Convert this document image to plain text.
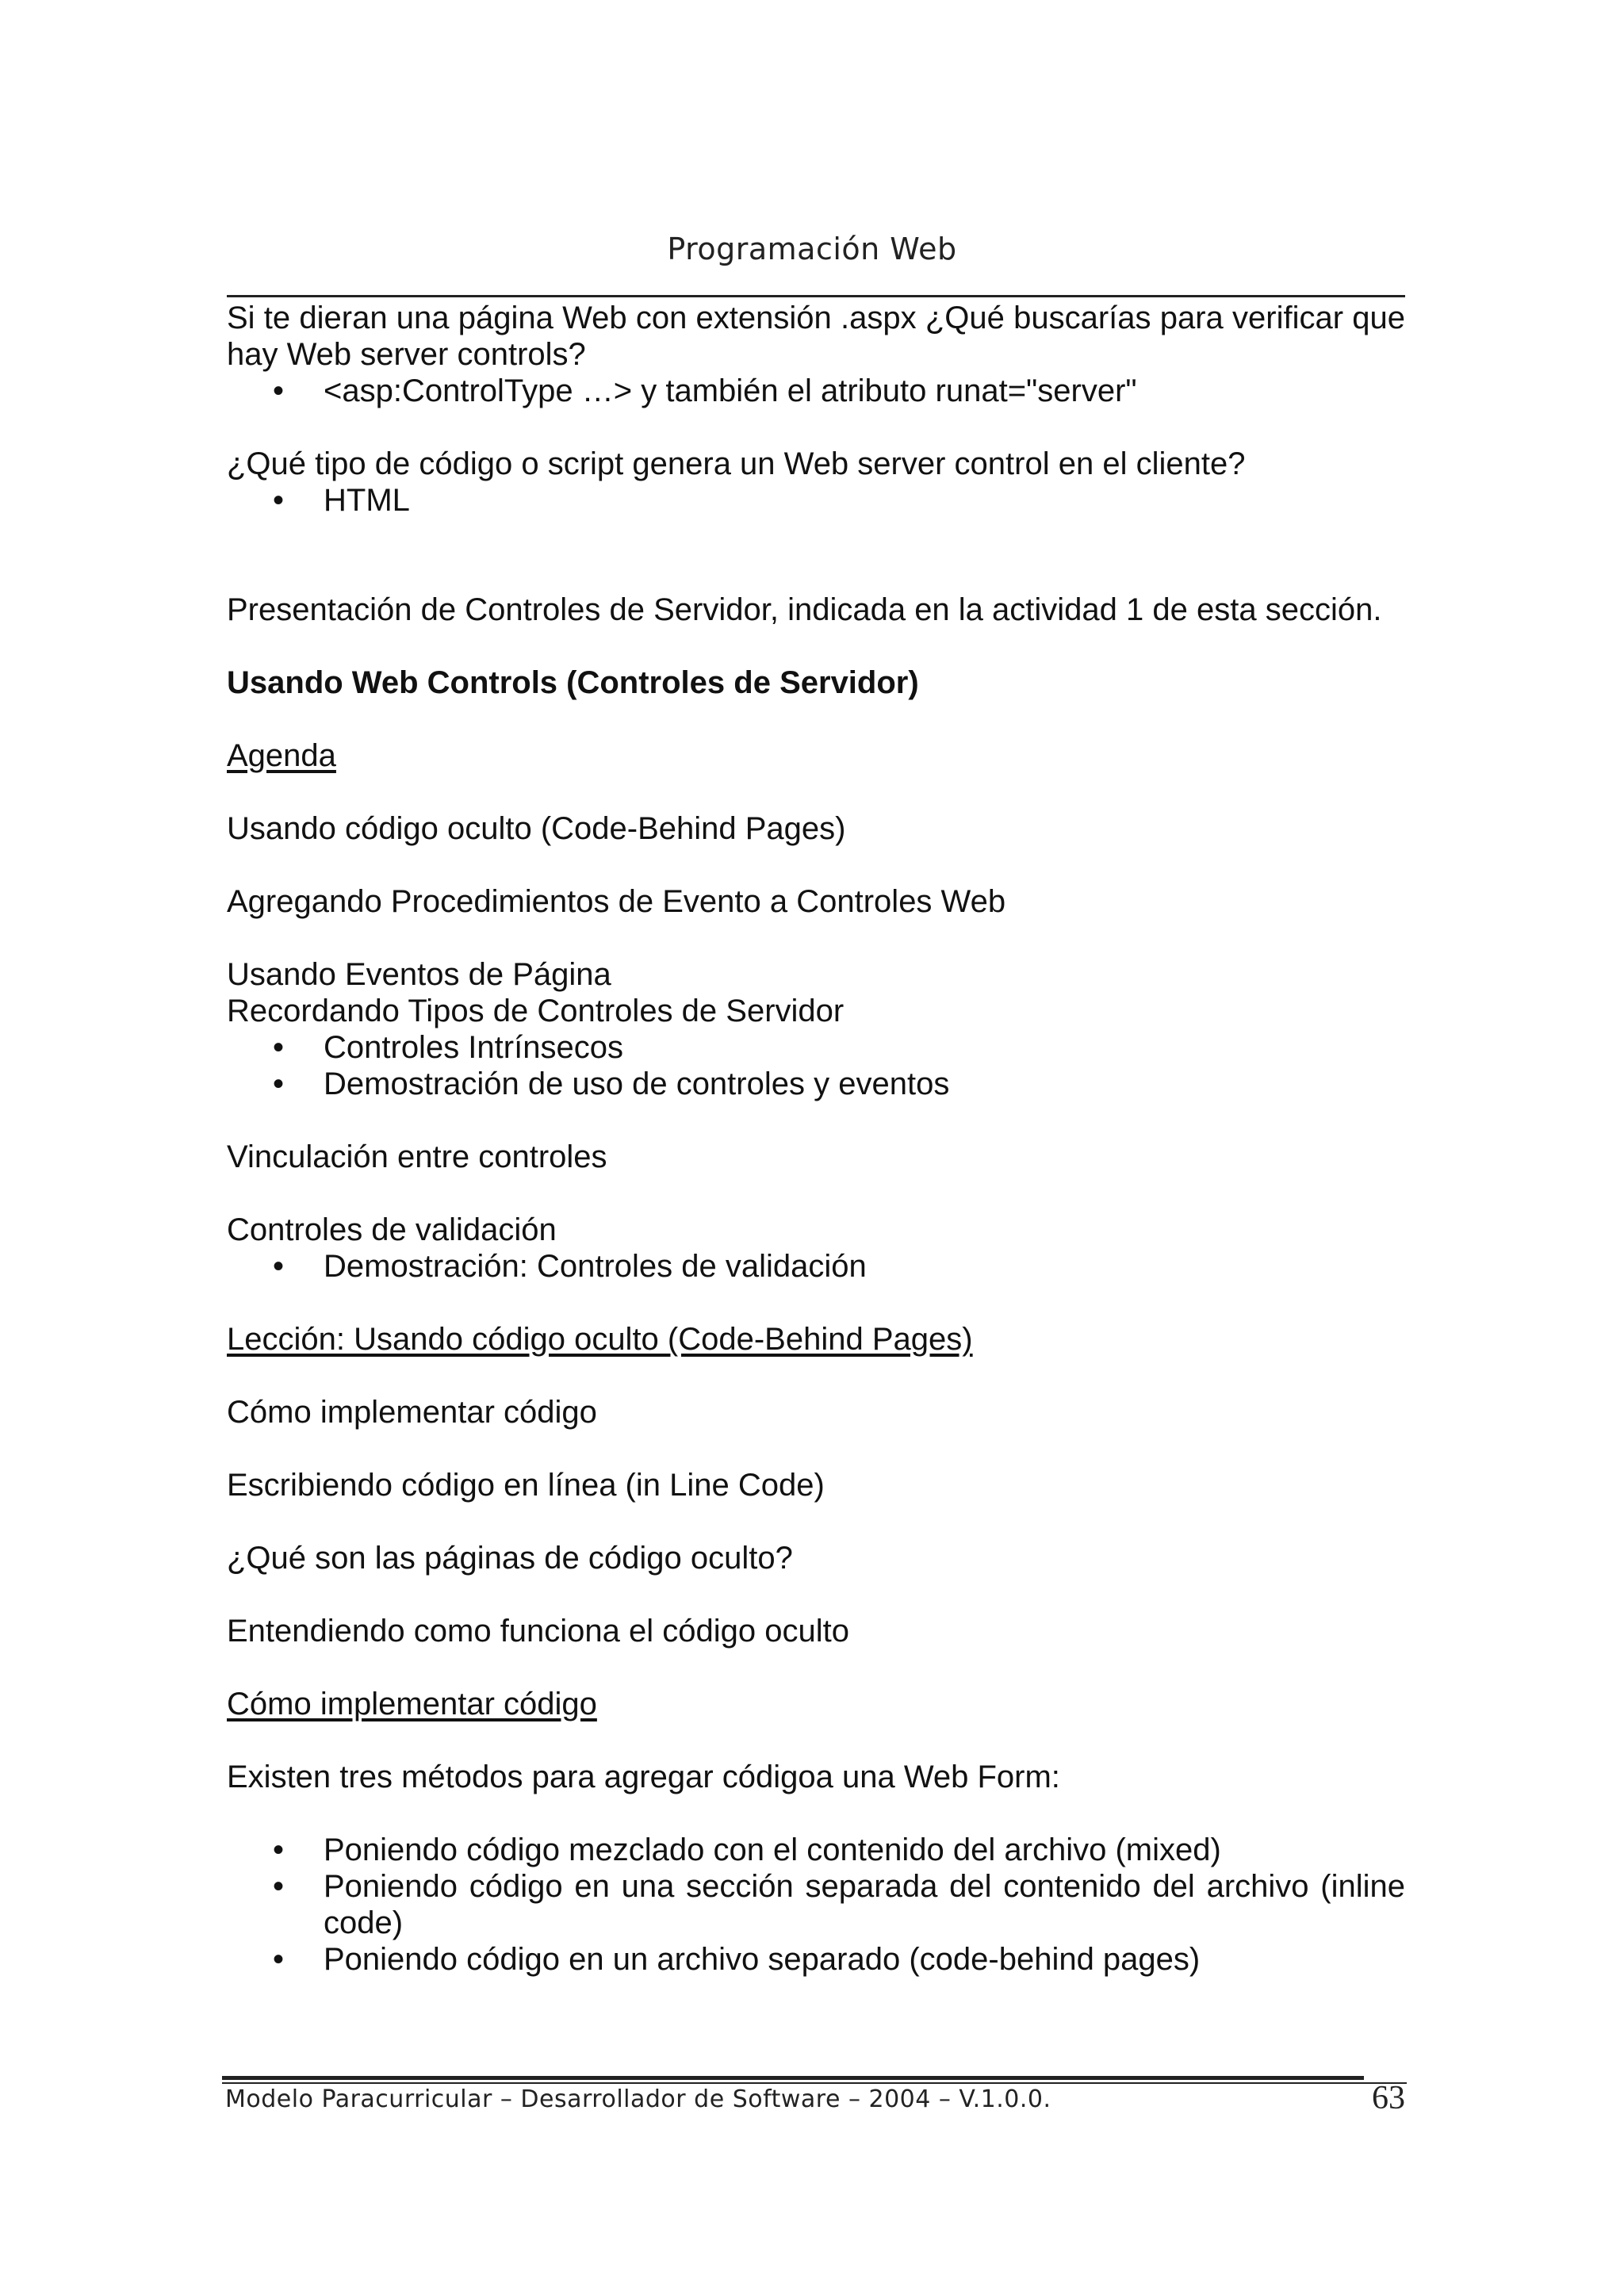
Programación Web

Si te dieran una página Web con extensión .aspx ¿Qué buscarías para verificar que hay Web server controls?

• <asp:ControlType …> y también el atributo runat="server"

¿Qué tipo de código o script genera un Web server control en el cliente?

• HTML

Presentación de Controles de Servidor, indicada en la actividad 1 de esta sección.

Usando Web Controls (Controles de Servidor)

Agenda

Usando código oculto (Code-Behind Pages)

Agregando Procedimientos de Evento a Controles Web

Usando Eventos de Página

Recordando Tipos de Controles de Servidor

• Controles Intrínsecos
• Demostración de uso de controles y eventos

Vinculación entre controles

Controles de validación

• Demostración: Controles de validación

Lección: Usando código oculto (Code-Behind Pages)

Cómo implementar código

Escribiendo código en línea (in Line Code)

¿Qué son las páginas de código oculto?

Entendiendo como funciona el código oculto

Cómo implementar código

Existen tres métodos para agregar códigoa una Web Form:

• Poniendo código mezclado con el contenido del archivo (mixed)
• Poniendo código en una sección separada del contenido del archivo (inline code)
• Poniendo código en un archivo separado (code-behind pages)
Modelo Paracurricular – Desarrollador de Software – 2004 – V.1.0.0.	63
